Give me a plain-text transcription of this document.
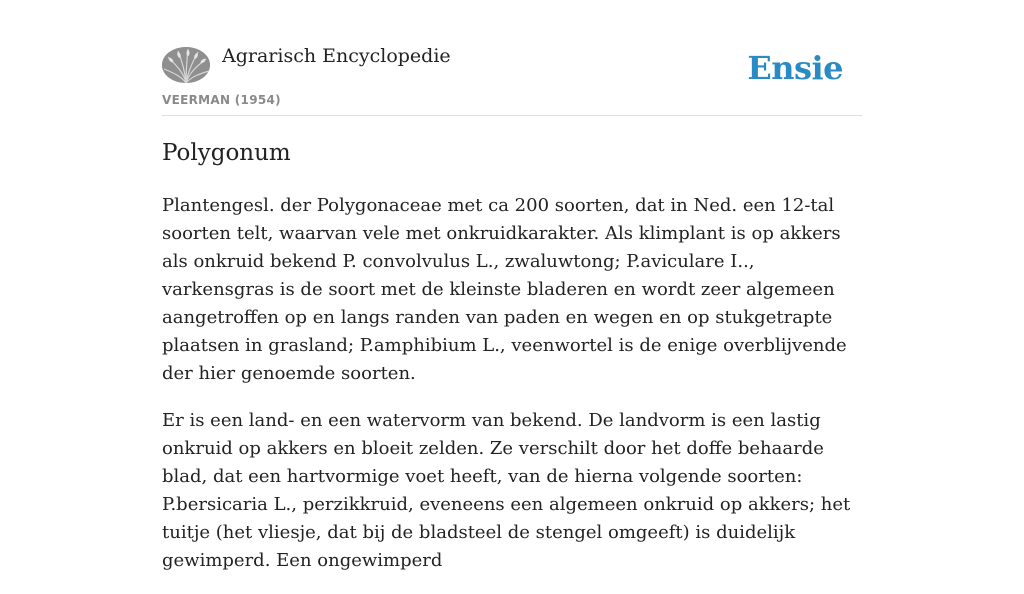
Agrarisch Encyclopedie
VEERMAN (1954)
Ensie
Polygonum

Plantengesl. der Polygonaceae met ca 200 soorten, dat in Ned. een 12-tal soorten telt, waarvan vele met onkruidkarakter. Als klimplant is op akkers als onkruid bekend P. convolvulus L., zwaluwtong; P.aviculare I.., varkensgras is de soort met de kleinste bladeren en wordt zeer algemeen aangetroffen op en langs randen van paden en wegen en op stukgetrapte plaatsen in grasland; P.amphibium L., veenwortel is de enige overblijvende der hier genoemde soorten.

Er is een land- en een watervorm van bekend. De landvorm is een lastig onkruid op akkers en bloeit zelden. Ze verschilt door het doffe behaarde blad, dat een hartvormige voet heeft, van de hierna volgende soorten: P.bersicaria L., perzikkruid, eveneens een algemeen onkruid op akkers; het tuitje (het vliesje, dat bij de bladsteel de stengel omgeeft) is duidelijk gewimperd. Een ongewimperd
